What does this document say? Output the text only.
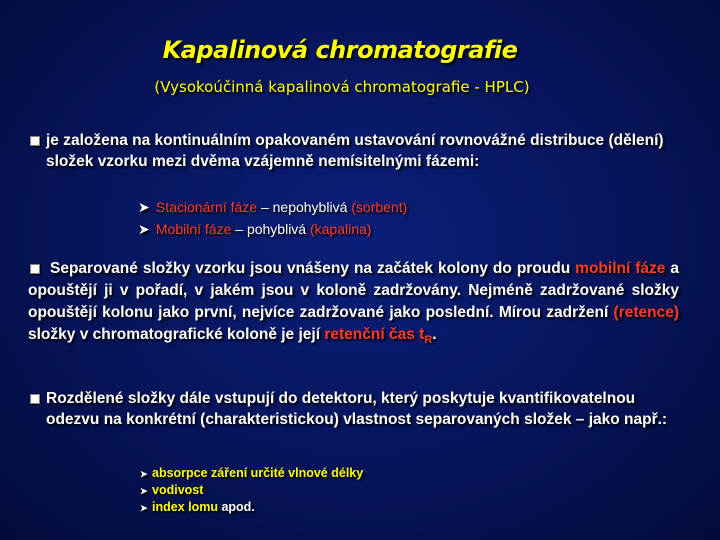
Kapalinová chromatografie
(Vysokoúčinná kapalinová chromatografie - HPLC)
je založena na kontinuálním opakovaném ustavování rovnovážné distribuce (dělení) složek vzorku mezi dvěma vzájemně nemísitelnými fázemi:
➤ Stacionární fáze – nepohyblivá (sorbent)
➤ Mobilní fáze – pohyblivá (kapalina)
Separované složky vzorku jsou vnášeny na začátek kolony do proudu mobilní fáze a opouštějí ji v pořadí, v jakém jsou v koloně zadržovány. Nejméně zadržované složky opouštějí kolonu jako první, nejvíce zadržované jako poslední. Mírou zadržení (retence) složky v chromatografické koloně je její retenční čas $t_R$.
Rozdělené složky dále vstupují do detektoru, který poskytuje kvantifikovatelnou odezvu na konkrétní (charakteristickou) vlastnost separovaných složek – jako např.:
➤ absorpce záření určité vlnové délky
➤ vodivost
➤ index lomu apod.
